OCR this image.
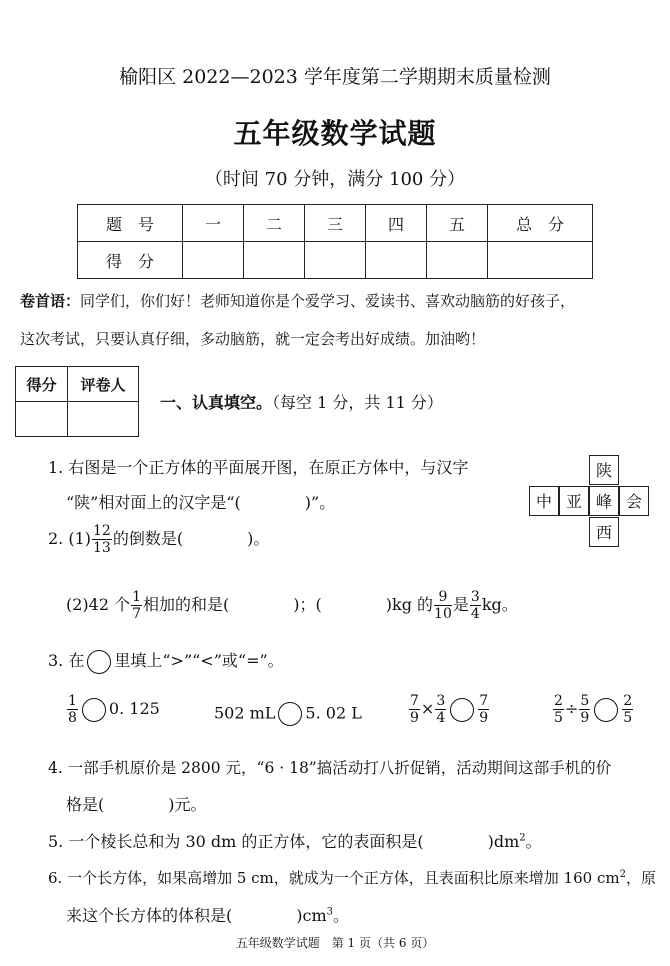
榆阳区 2022—2023 学年度第二学期期末质量检测
五年级数学试题
（时间 70 分钟，满分 100 分）
题　号	一	二	三	四	五	总　分
得　分						
卷首语：同学们，你们好！老师知道你是个爱学习、爱读书、喜欢动脑筋的好孩子，
这次考试，只要认真仔细，多动脑筋，就一定会考出好成绩。加油哟！
得分	评卷人

一、认真填空。（每空 1 分，共 11 分）
1. 右图是一个正方体的平面展开图，在原正方体中，与汉字
“陕”相对面上的汉字是“(　　　　)”。
陕
中 亚 峰 会
西
2. $(1) \frac{12}{13}$ 的倒数是(　　　　)。
(2)42 个 $\frac{1}{7}$ 相加的和是(　　　　)；(　　　　)kg 的 $\frac{9}{10}$ 是 $\frac{3}{4}$ kg。
3. 在 里填上“>”“<”或“=”。
$\frac{1}{8} 0$. 125	502 mL 5. 02 L	$\frac{7}{9} \times \frac{3}{4} \frac{7}{9}$	$\frac{2}{5} \div \frac{5}{9} \frac{2}{5}$
4. 一部手机原价是 2800 元，“6 · 18”搞活动打八折促销，活动期间这部手机的价
格是(　　　　)元。
5. 一个棱长总和为 30 dm 的正方体，它的表面积是(　　　　)$dm^2$。
6. 一个长方体，如果高增加 5 cm，就成为一个正方体，且表面积比原来增加 160 $cm^2$，原
来这个长方体的体积是(　　　　)$cm^3$。
五年级数学试题　第 1 页（共 6 页）
